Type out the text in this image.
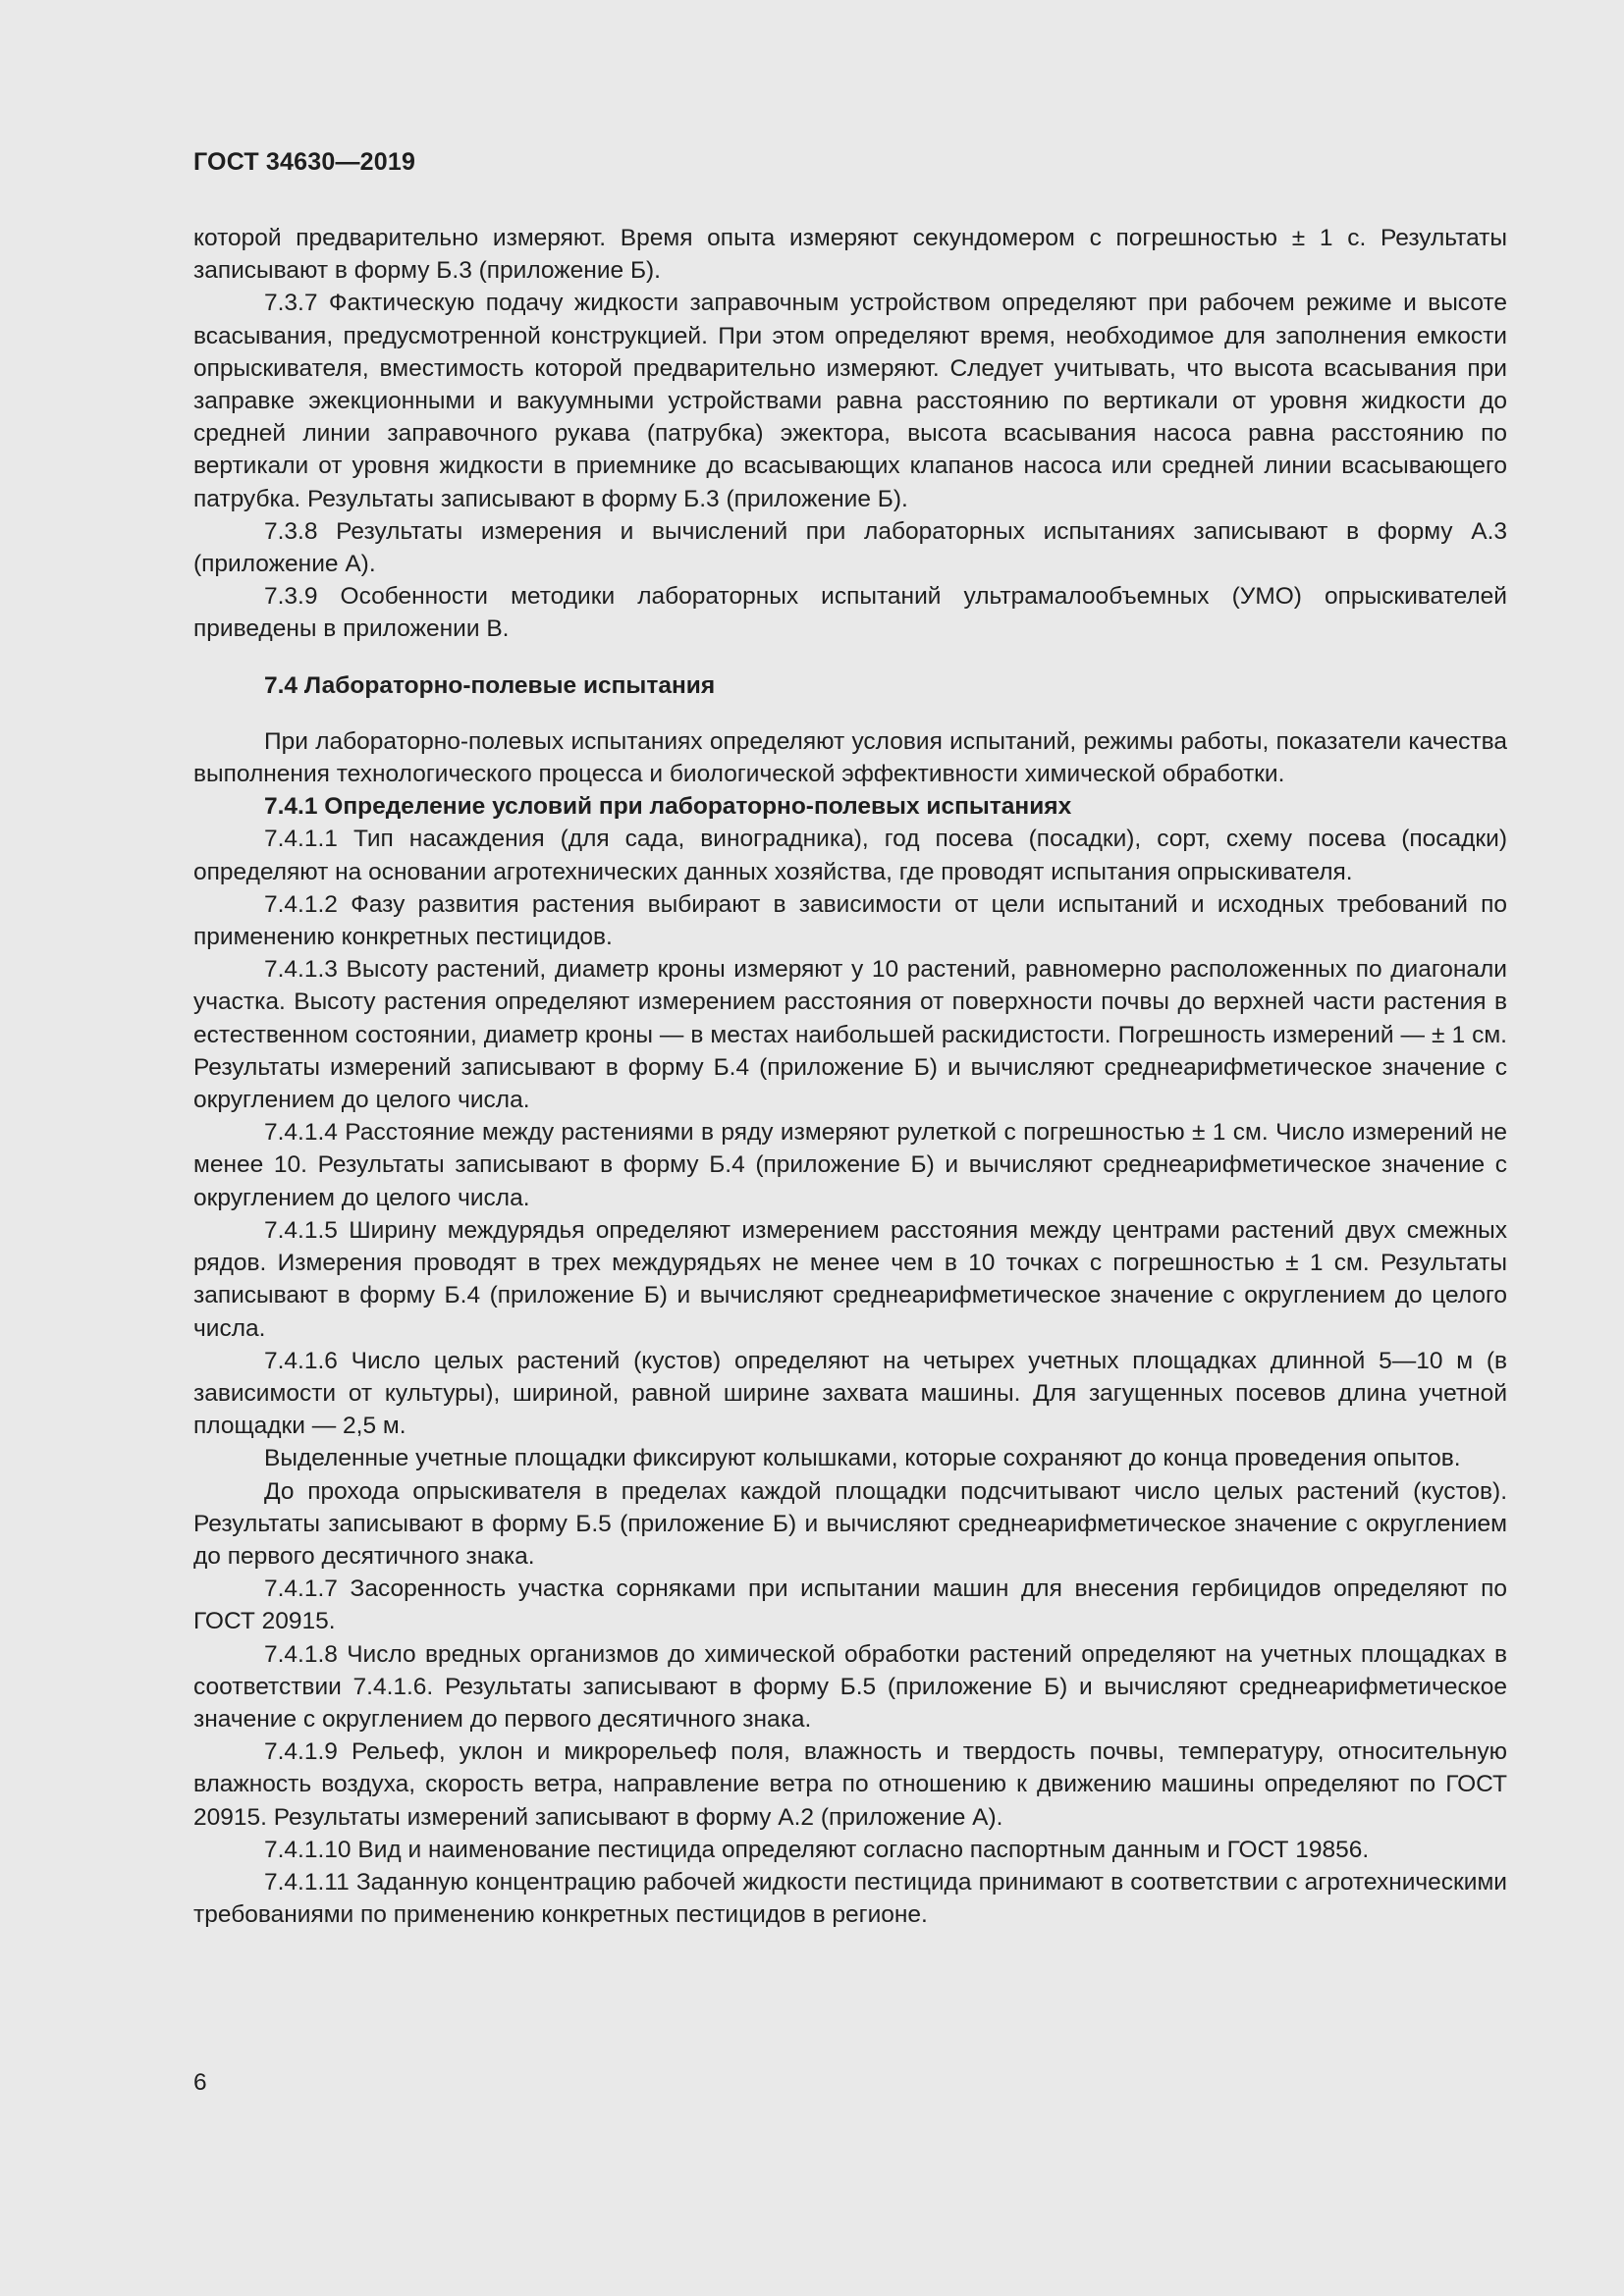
ГОСТ 34630—2019

которой предварительно измеряют. Время опыта измеряют секундомером с погрешностью ± 1 с. Результаты записывают в форму Б.3 (приложение Б).

7.3.7 Фактическую подачу жидкости заправочным устройством определяют при рабочем режиме и высоте всасывания, предусмотренной конструкцией. При этом определяют время, необходимое для заполнения емкости опрыскивателя, вместимость которой предварительно измеряют. Следует учитывать, что высота всасывания при заправке эжекционными и вакуумными устройствами равна расстоянию по вертикали от уровня жидкости до средней линии заправочного рукава (патрубка) эжектора, высота всасывания насоса равна расстоянию по вертикали от уровня жидкости в приемнике до всасывающих клапанов насоса или средней линии всасывающего патрубка. Результаты записывают в форму Б.3 (приложение Б).

7.3.8 Результаты измерения и вычислений при лабораторных испытаниях записывают в форму А.3 (приложение А).

7.3.9 Особенности методики лабораторных испытаний ультрамалообъемных (УМО) опрыскивателей приведены в приложении В.

7.4 Лабораторно-полевые испытания

При лабораторно-полевых испытаниях определяют условия испытаний, режимы работы, показатели качества выполнения технологического процесса и биологической эффективности химической обработки.

7.4.1 Определение условий при лабораторно-полевых испытаниях

7.4.1.1 Тип насаждения (для сада, виноградника), год посева (посадки), сорт, схему посева (посадки) определяют на основании агротехнических данных хозяйства, где проводят испытания опрыскивателя.

7.4.1.2 Фазу развития растения выбирают в зависимости от цели испытаний и исходных требований по применению конкретных пестицидов.

7.4.1.3 Высоту растений, диаметр кроны измеряют у 10 растений, равномерно расположенных по диагонали участка. Высоту растения определяют измерением расстояния от поверхности почвы до верхней части растения в естественном состоянии, диаметр кроны — в местах наибольшей раскидистости. Погрешность измерений — ± 1 см. Результаты измерений записывают в форму Б.4 (приложение Б) и вычисляют среднеарифметическое значение с округлением до целого числа.

7.4.1.4 Расстояние между растениями в ряду измеряют рулеткой с погрешностью ± 1 см. Число измерений не менее 10. Результаты записывают в форму Б.4 (приложение Б) и вычисляют среднеарифметическое значение с округлением до целого числа.

7.4.1.5 Ширину междурядья определяют измерением расстояния между центрами растений двух смежных рядов. Измерения проводят в трех междурядьях не менее чем в 10 точках с погрешностью ± 1 см. Результаты записывают в форму Б.4 (приложение Б) и вычисляют среднеарифметическое значение с округлением до целого числа.

7.4.1.6 Число целых растений (кустов) определяют на четырех учетных площадках длинной 5—10 м (в зависимости от культуры), шириной, равной ширине захвата машины. Для загущенных посевов длина учетной площадки — 2,5 м.

Выделенные учетные площадки фиксируют колышками, которые сохраняют до конца проведения опытов.

До прохода опрыскивателя в пределах каждой площадки подсчитывают число целых растений (кустов). Результаты записывают в форму Б.5 (приложение Б) и вычисляют среднеарифметическое значение с округлением до первого десятичного знака.

7.4.1.7 Засоренность участка сорняками при испытании машин для внесения гербицидов определяют по ГОСТ 20915.

7.4.1.8 Число вредных организмов до химической обработки растений определяют на учетных площадках в соответствии 7.4.1.6. Результаты записывают в форму Б.5 (приложение Б) и вычисляют среднеарифметическое значение с округлением до первого десятичного знака.

7.4.1.9 Рельеф, уклон и микрорельеф поля, влажность и твердость почвы, температуру, относительную влажность воздуха, скорость ветра, направление ветра по отношению к движению машины определяют по ГОСТ 20915. Результаты измерений записывают в форму А.2 (приложение А).

7.4.1.10 Вид и наименование пестицида определяют согласно паспортным данным и ГОСТ 19856.

7.4.1.11 Заданную концентрацию рабочей жидкости пестицида принимают в соответствии с агротехническими требованиями по применению конкретных пестицидов в регионе.

6
